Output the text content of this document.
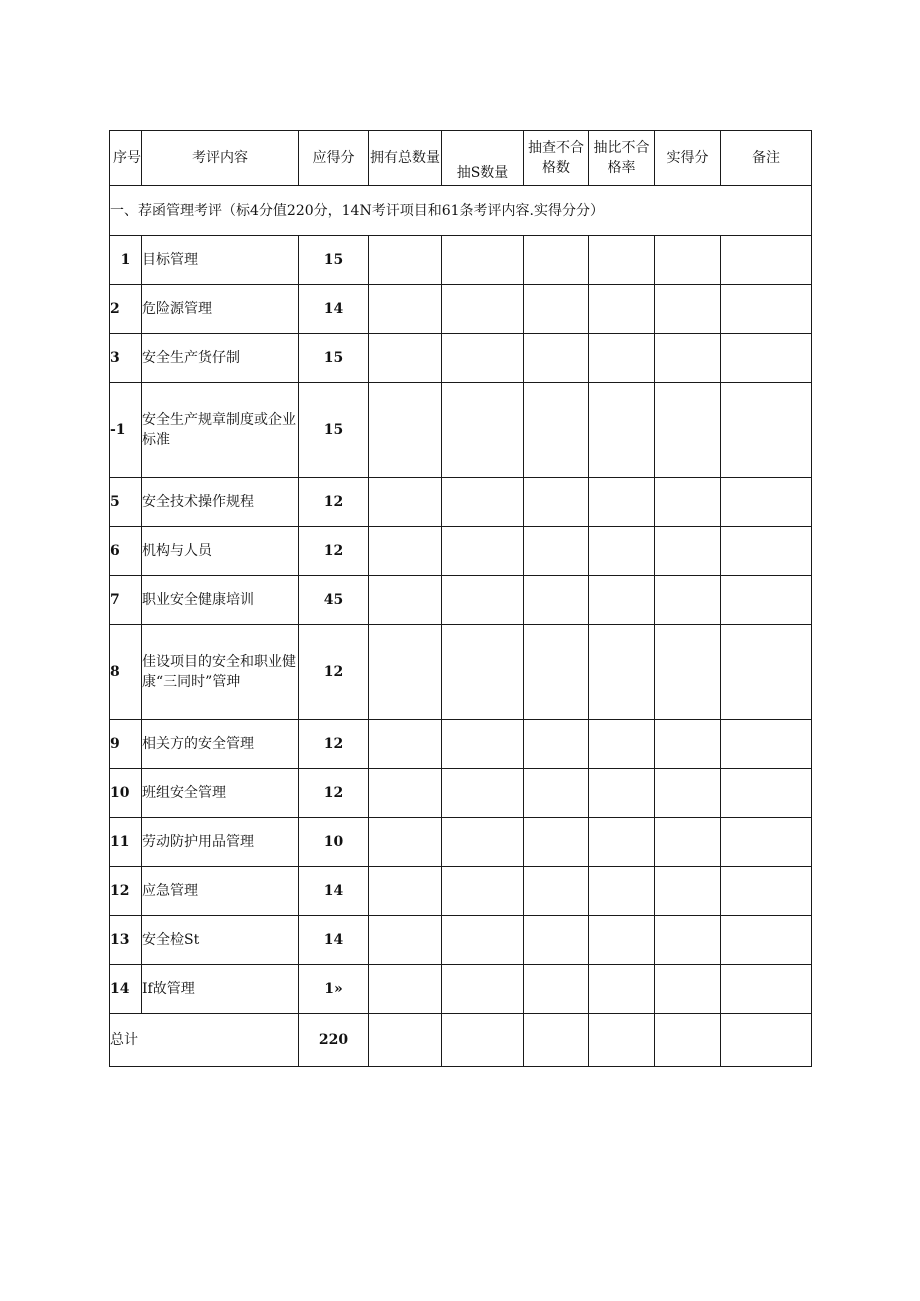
序号	考评内容	应得分	拥有总数量	抽S数量	抽查不合格数	抽比不合格率	实得分	备注
一、荐函管理考评（标4分值220分，14N考讦项目和61条考评内容.实得分分）								
1	目标管理	15						
2	危险源管理	14						
3	安全生产货仔制	15						
-1	安全生产规章制度或企业标准	15						
5	安全技术操作规程	12						
6	机构与人员	12						
7	职业安全健康培训	45						
8	佳设项目的安全和职业健康“三同时”管珅	12						
9	相关方的安全管理	12						
10	班组安全管理	12						
11	劳动防护用品管理	10						
12	应急管理	14						
13	安全检St	14						
14	If故管理	1»						
总计		220						
